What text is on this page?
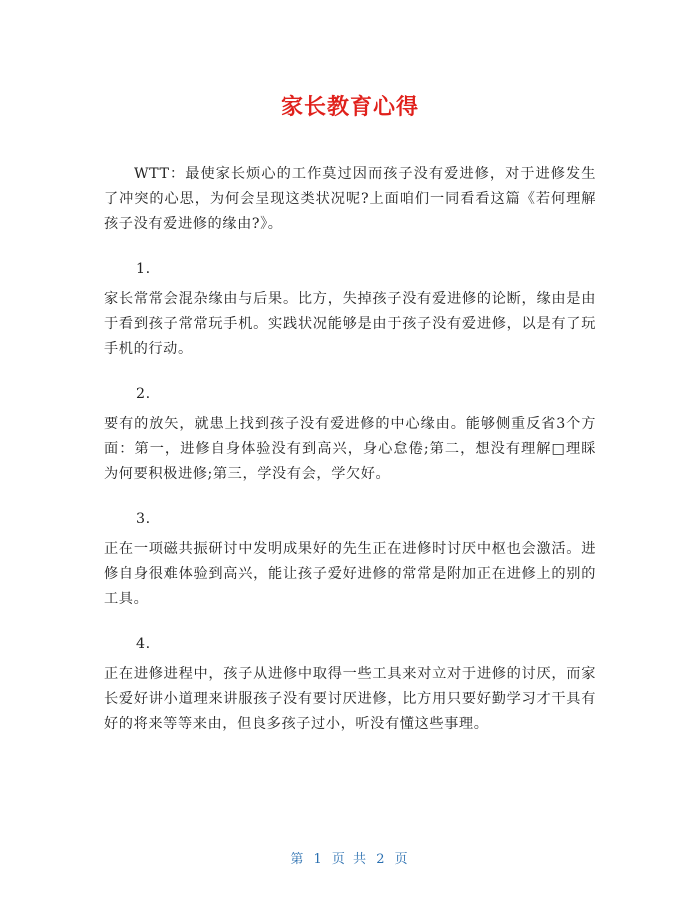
家长教育心得

WTT：最使家长烦心的工作莫过因而孩子没有爱进修，对于进修发生了冲突的心思，为何会呈现这类状况呢?上面咱们一同看看这篇《若何理解孩子没有爱进修的缘由?》。

1.

家长常常会混杂缘由与后果。比方，失掉孩子没有爱进修的论断，缘由是由于看到孩子常常玩手机。实践状况能够是由于孩子没有爱进修，以是有了玩手机的行动。

2.

要有的放矢，就患上找到孩子没有爱进修的中心缘由。能够侧重反省3个方面：第一，进修自身体验没有到高兴，身心怠倦;第二，想没有理解□理睬为何要积极进修;第三，学没有会，学欠好。

3.

正在一项磁共振研讨中发明成果好的先生正在进修时讨厌中枢也会激活。进修自身很难体验到高兴，能让孩子爱好进修的常常是附加正在进修上的别的工具。

4.

正在进修进程中，孩子从进修中取得一些工具来对立对于进修的讨厌，而家长爱好讲小道理来讲服孩子没有要讨厌进修，比方用只要好勤学习才干具有好的将来等等来由，但良多孩子过小，听没有懂这些事理。

第 1 页 共 2 页
